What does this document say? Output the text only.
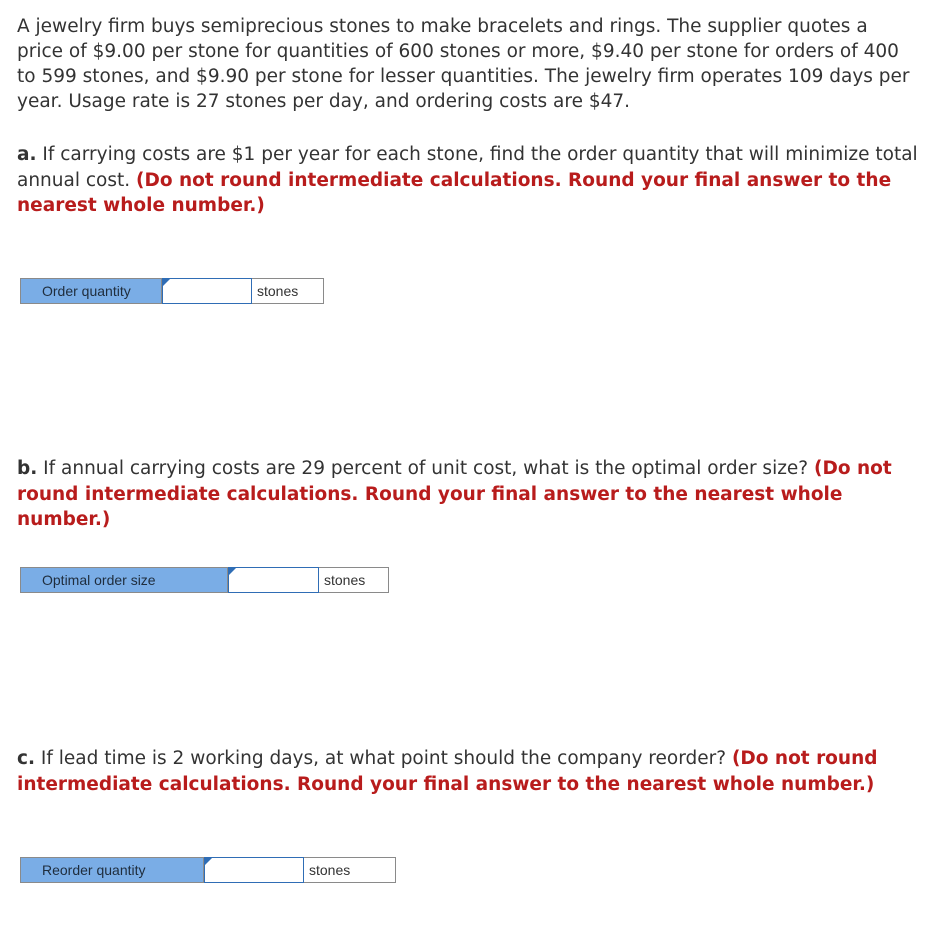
A jewelry firm buys semiprecious stones to make bracelets and rings. The supplier quotes a price of $9.00 per stone for quantities of 600 stones or more, $9.40 per stone for orders of 400 to 599 stones, and $9.90 per stone for lesser quantities. The jewelry firm operates 109 days per year. Usage rate is 27 stones per day, and ordering costs are $47.
a. If carrying costs are $1 per year for each stone, find the order quantity that will minimize total annual cost. (Do not round intermediate calculations. Round your final answer to the nearest whole number.)
Order quantity	stones
b. If annual carrying costs are 29 percent of unit cost, what is the optimal order size? (Do not round intermediate calculations. Round your final answer to the nearest whole number.)
Optimal order size	stones
c. If lead time is 2 working days, at what point should the company reorder? (Do not round intermediate calculations. Round your final answer to the nearest whole number.)
Reorder quantity	stones
